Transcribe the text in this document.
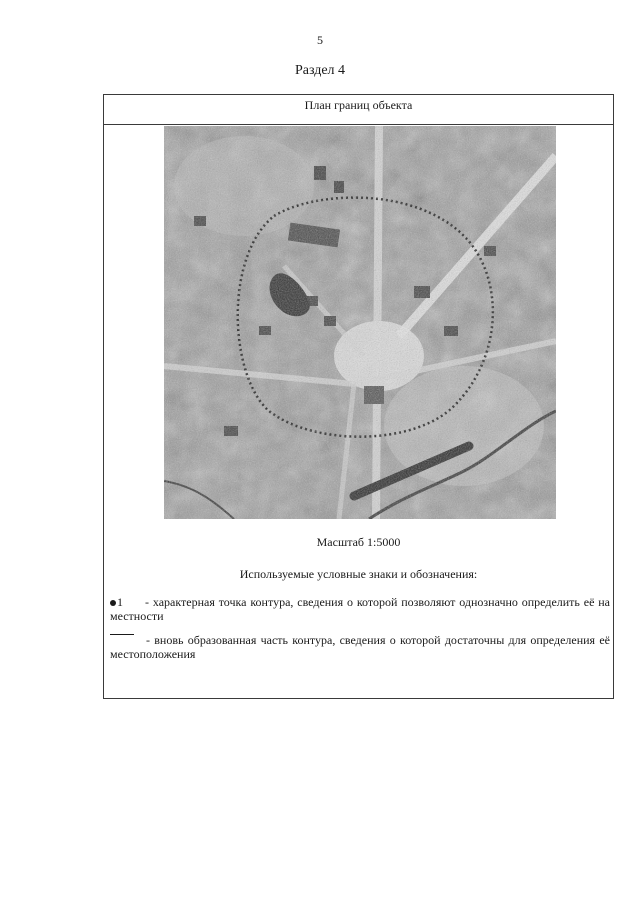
5
Раздел 4
План границ объекта
Масштаб 1:5000
Используемые условные знаки и обозначения:
1 - характерная точка контура, сведения о которой позволяют однозначно определить её на местности
- вновь образованная часть контура, сведения о которой достаточны для определения её местоположения
